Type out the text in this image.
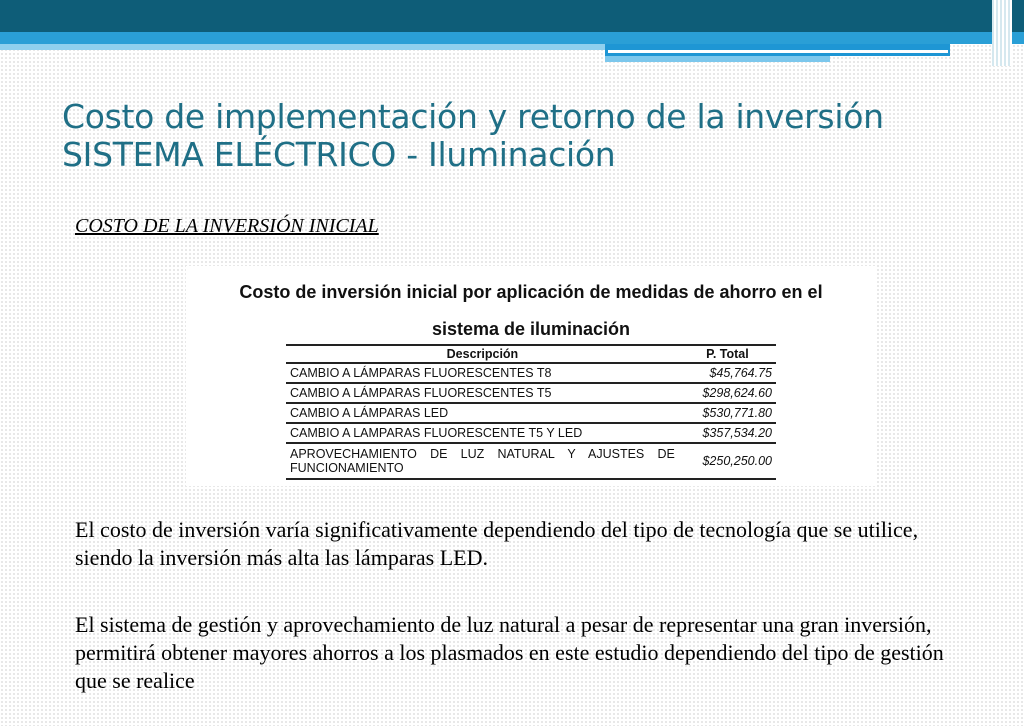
Costo de implementación y retorno de la inversión
SISTEMA ELÉCTRICO - Iluminación
COSTO DE LA INVERSIÓN INICIAL
Costo de inversión inicial por aplicación de medidas de ahorro en el
sistema de iluminación
Descripción	P. Total
CAMBIO A LÁMPARAS FLUORESCENTES T8	$45,764.75
CAMBIO A LÁMPARAS FLUORESCENTES T5	$298,624.60
CAMBIO A LÁMPARAS LED	$530,771.80
CAMBIO A LAMPARAS FLUORESCENTE T5 Y LED	$357,534.20
APROVECHAMIENTO DE LUZ NATURAL Y AJUSTES DE FUNCIONAMIENTO	$250,250.00
El costo de inversión varía significativamente dependiendo del tipo de tecnología que se utilice, siendo la inversión más alta las lámparas LED.
El sistema de gestión y aprovechamiento de luz natural a pesar de representar una gran inversión, permitirá obtener mayores ahorros a los plasmados en este estudio dependiendo del tipo de gestión que se realice
